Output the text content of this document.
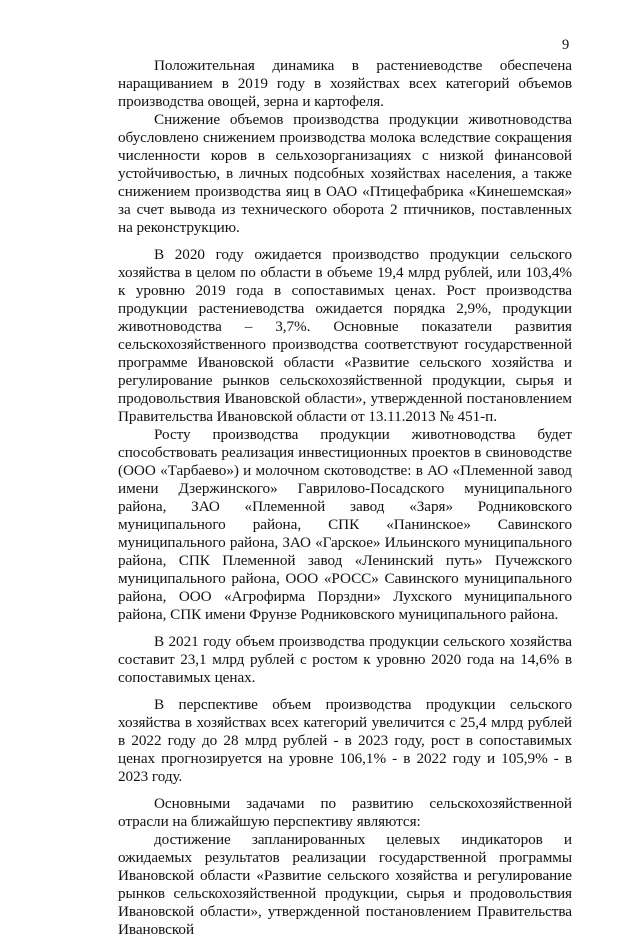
9

Положительная динамика в растениеводстве обеспечена наращиванием в 2019 году в хозяйствах всех категорий объемов производства овощей, зерна и картофеля.

Снижение объемов производства продукции животноводства обусловлено снижением производства молока вследствие сокращения численности коров в сельхозорганизациях с низкой финансовой устойчивостью, в личных подсобных хозяйствах населения, а также снижением производства яиц в ОАО «Птицефабрика «Кинешемская» за счет вывода из технического оборота 2 птичников, поставленных на реконструкцию.

В 2020 году ожидается производство продукции сельского хозяйства в целом по области в объеме 19,4 млрд рублей, или 103,4% к уровню 2019 года в сопоставимых ценах. Рост производства продукции растениеводства ожидается порядка 2,9%, продукции животноводства – 3,7%. Основные показатели развития сельскохозяйственного производства соответствуют государственной программе Ивановской области «Развитие сельского хозяйства и регулирование рынков сельскохозяйственной продукции, сырья и продовольствия Ивановской области», утвержденной постановлением Правительства Ивановской области от 13.11.2013 № 451-п.

Росту производства продукции животноводства будет способствовать реализация инвестиционных проектов в свиноводстве (ООО «Тарбаево») и молочном скотоводстве: в АО «Племенной завод имени Дзержинского» Гаврилово-Посадского муниципального района, ЗАО «Племенной завод «Заря» Родниковского муниципального района, СПК «Панинское» Савинского муниципального района, ЗАО «Гарское» Ильинского муниципального района, СПК Племенной завод «Ленинский путь» Пучежского муниципального района, ООО «РОСС» Савинского муниципального района, ООО «Агрофирма Порздни» Лухского муниципального района, СПК имени Фрунзе Родниковского муниципального района.

В 2021 году объем производства продукции сельского хозяйства составит 23,1 млрд рублей с ростом к уровню 2020 года на 14,6% в сопоставимых ценах.

В перспективе объем производства продукции сельского хозяйства в хозяйствах всех категорий увеличится с 25,4 млрд рублей в 2022 году до 28 млрд рублей - в 2023 году, рост в сопоставимых ценах прогнозируется на уровне 106,1% - в 2022 году и 105,9% - в 2023 году.

Основными задачами по развитию сельскохозяйственной отрасли на ближайшую перспективу являются:

достижение запланированных целевых индикаторов и ожидаемых результатов реализации государственной программы Ивановской области «Развитие сельского хозяйства и регулирование рынков сельскохозяйственной продукции, сырья и продовольствия Ивановской области», утвержденной постановлением Правительства Ивановской
